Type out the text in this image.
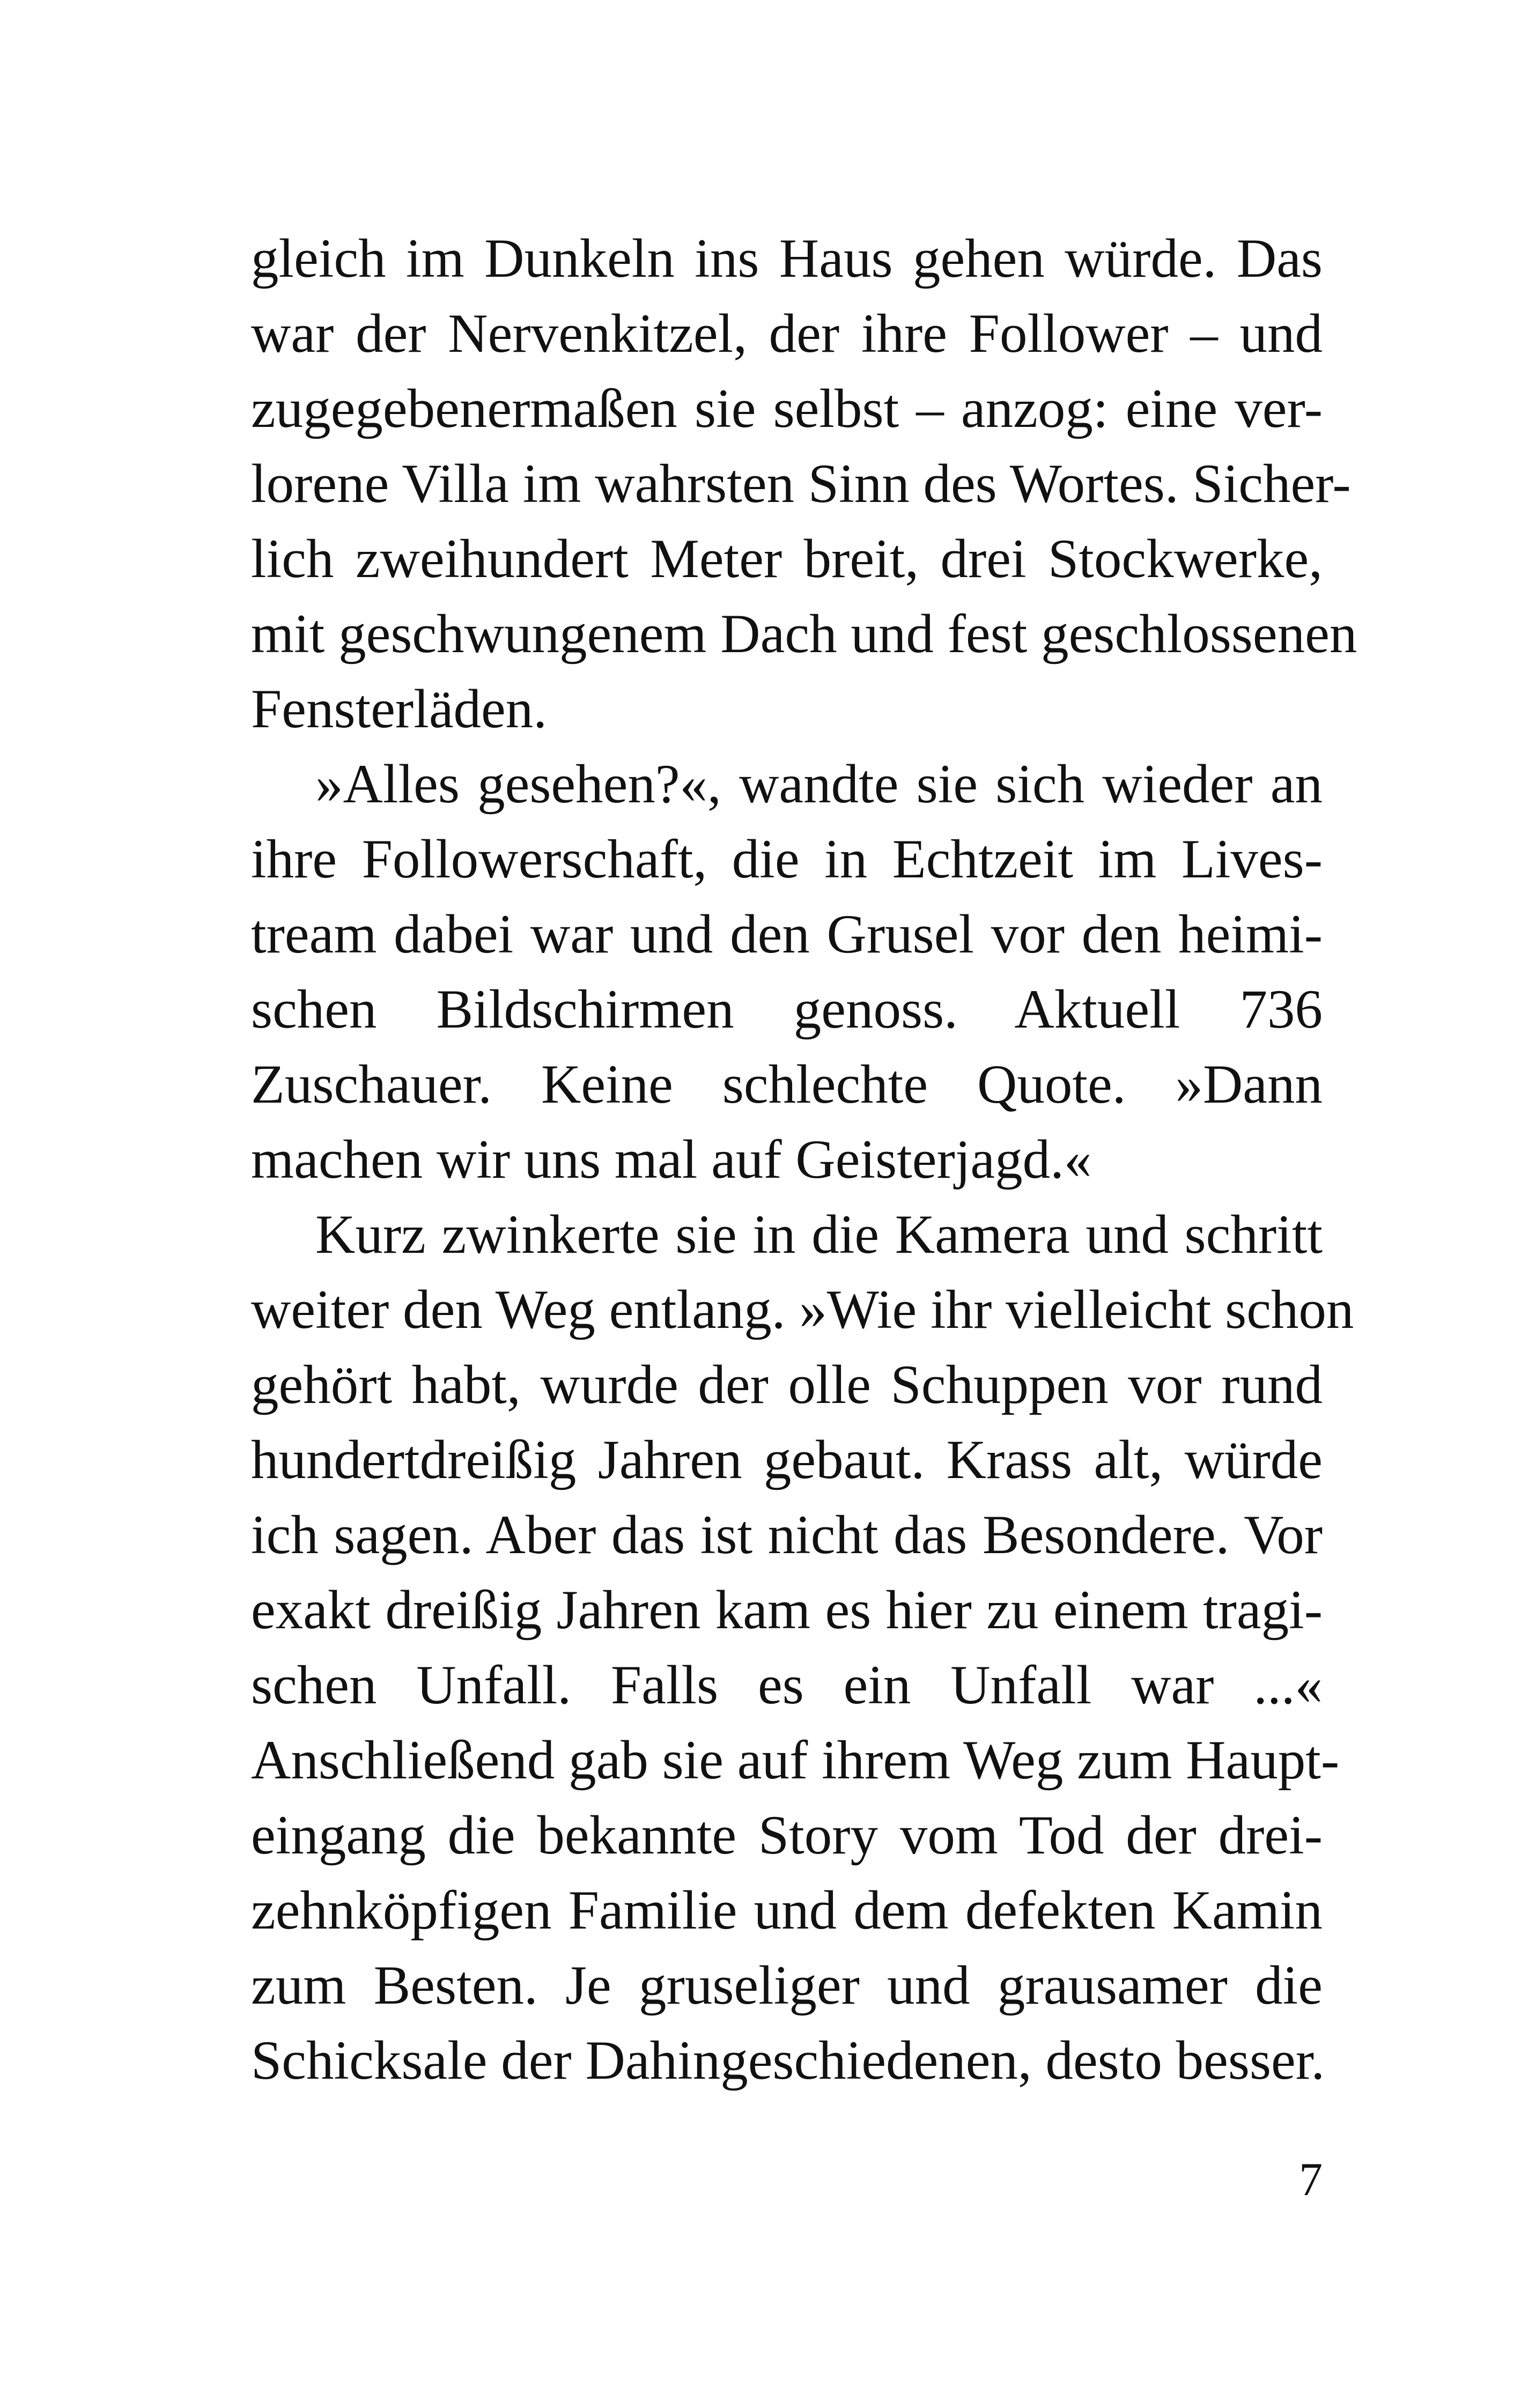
gleich im Dunkeln ins Haus gehen würde. Das
war der Nervenkitzel, der ihre Follower – und
zugegebenermaßen sie selbst – anzog: eine ver-
lorene Villa im wahrsten Sinn des Wortes. Sicher-
lich zweihundert Meter breit, drei Stockwerke,
mit geschwungenem Dach und fest geschlossenen
Fensterläden.
»Alles gesehen?«, wandte sie sich wieder an
ihre Followerschaft, die in Echtzeit im Lives-
tream dabei war und den Grusel vor den heimi-
schen Bildschirmen genoss. Aktuell 736
Zuschauer. Keine schlechte Quote. »Dann
machen wir uns mal auf Geisterjagd.«
Kurz zwinkerte sie in die Kamera und schritt
weiter den Weg entlang. »Wie ihr vielleicht schon
gehört habt, wurde der olle Schuppen vor rund
hundertdreißig Jahren gebaut. Krass alt, würde
ich sagen. Aber das ist nicht das Besondere. Vor
exakt dreißig Jahren kam es hier zu einem tragi-
schen Unfall. Falls es ein Unfall war ...«
Anschließend gab sie auf ihrem Weg zum Haupt-
eingang die bekannte Story vom Tod der drei-
zehnköpfigen Familie und dem defekten Kamin
zum Besten. Je gruseliger und grausamer die
Schicksale der Dahingeschiedenen, desto besser.
7
